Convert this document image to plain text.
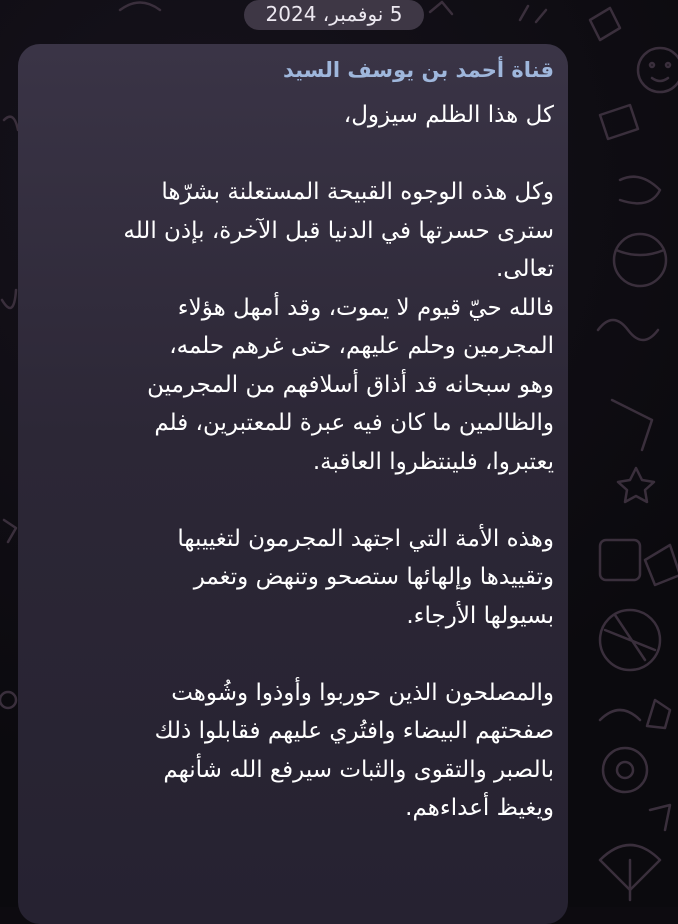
5 نوفمبر، 2024
قناة أحمد بن يوسف السيد
كل هذا الظلم سيزول،
وكل هذه الوجوه القبيحة المستعلنة بشرّها
سترى حسرتها في الدنيا قبل الآخرة، بإذن الله
تعالى.
فالله حيّ قيوم لا يموت، وقد أمهل هؤلاء
المجرمين وحلم عليهم، حتى غرهم حلمه،
وهو سبحانه قد أذاق أسلافهم من المجرمين
والظالمين ما كان فيه عبرة للمعتبرين، فلم
يعتبروا، فلينتظروا العاقبة.
وهذه الأمة التي اجتهد المجرمون لتغييبها
وتقييدها وإلهائها ستصحو وتنهض وتغمر
بسيولها الأرجاء.
والمصلحون الذين حوربوا وأوذوا وشُوهت
صفحتهم البيضاء وافتُري عليهم فقابلوا ذلك
بالصبر والتقوى والثبات سيرفع الله شأنهم
ويغيظ أعداءهم.
